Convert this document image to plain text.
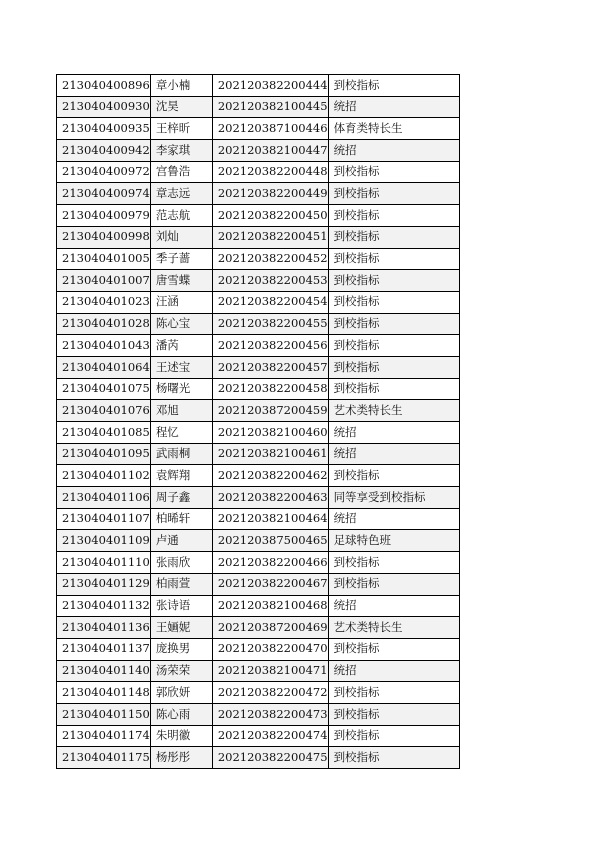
213040400896	章小楠	202120382200444	到校指标
213040400930	沈昊	202120382100445	统招
213040400935	王梓昕	202120387100446	体育类特长生
213040400942	李家琪	202120382100447	统招
213040400972	宫鲁浩	202120382200448	到校指标
213040400974	章志远	202120382200449	到校指标
213040400979	范志航	202120382200450	到校指标
213040400998	刘灿	202120382200451	到校指标
213040401005	季子蔷	202120382200452	到校指标
213040401007	唐雪蝶	202120382200453	到校指标
213040401023	汪涵	202120382200454	到校指标
213040401028	陈心宝	202120382200455	到校指标
213040401043	潘芮	202120382200456	到校指标
213040401064	王述宝	202120382200457	到校指标
213040401075	杨曙光	202120382200458	到校指标
213040401076	邓旭	202120387200459	艺术类特长生
213040401085	程忆	202120382100460	统招
213040401095	武雨桐	202120382100461	统招
213040401102	袁辉翔	202120382200462	到校指标
213040401106	周子鑫	202120382200463	同等享受到校指标
213040401107	柏晞轩	202120382100464	统招
213040401109	卢通	202120387500465	足球特色班
213040401110	张雨欣	202120382200466	到校指标
213040401129	柏雨萱	202120382200467	到校指标
213040401132	张诗语	202120382100468	统招
213040401136	王婳妮	202120387200469	艺术类特长生
213040401137	庞换男	202120382200470	到校指标
213040401140	汤荣荣	202120382100471	统招
213040401148	郭欣妍	202120382200472	到校指标
213040401150	陈心雨	202120382200473	到校指标
213040401174	朱明徽	202120382200474	到校指标
213040401175	杨彤彤	202120382200475	到校指标
